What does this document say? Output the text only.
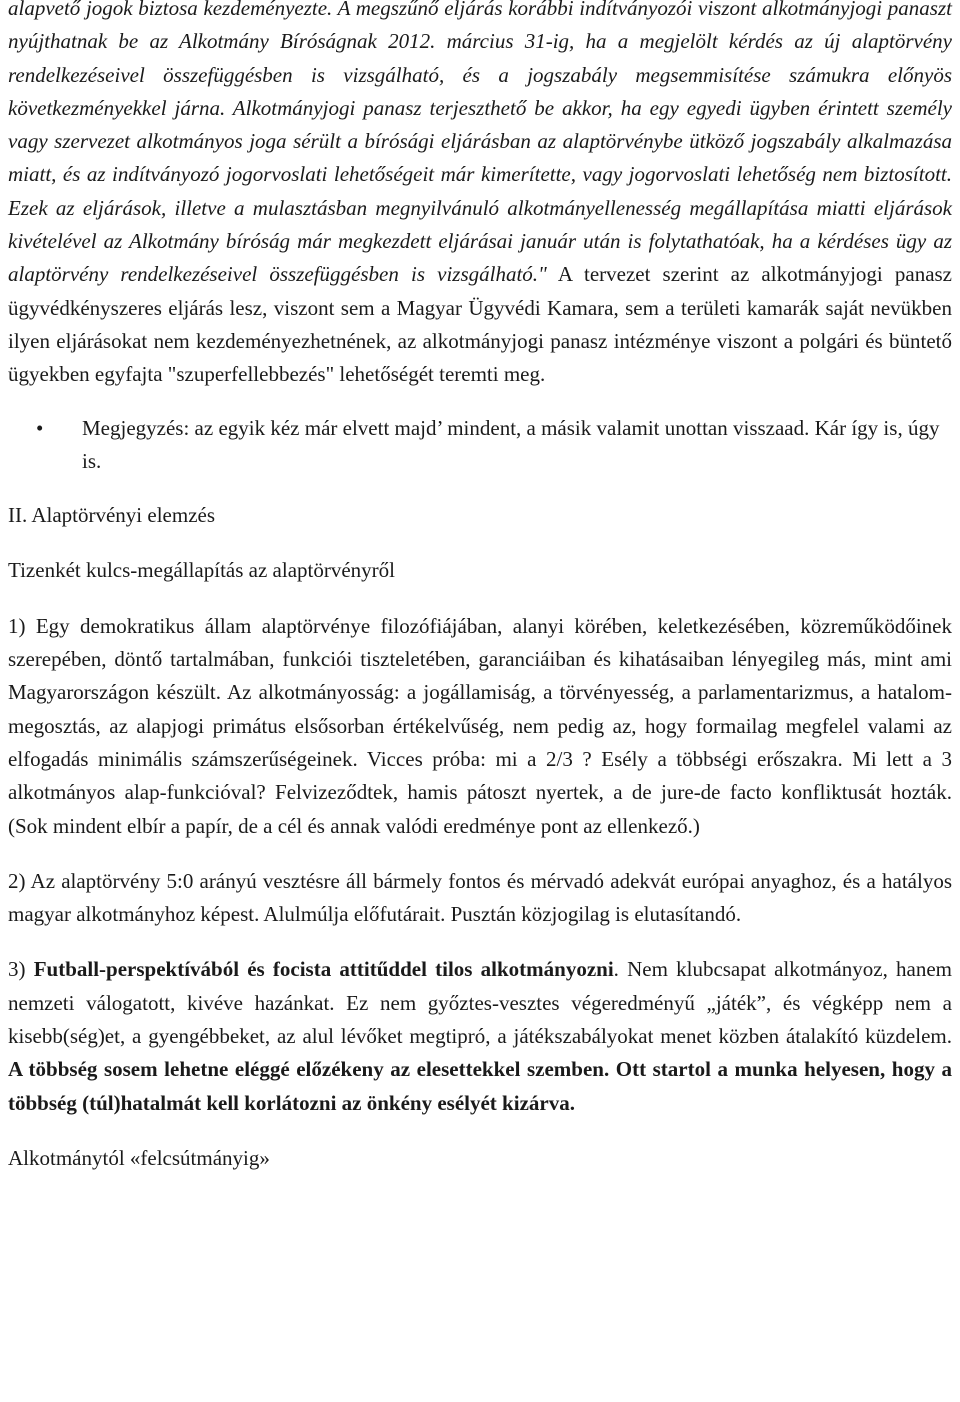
alapvető jogok biztosa kezdeményezte. A megszűnő eljárás korábbi indítványozói viszont alkotmányjogi panaszt nyújthatnak be az Alkotmány Bíróságnak 2012. március 31-ig, ha a megjelölt kérdés az új alaptörvény rendelkezéseivel összefüggésben is vizsgálható, és a jogszabály megsemmisítése számukra előnyös következményekkel járna. Alkotmányjogi panasz terjeszthető be akkor, ha egy egyedi ügyben érintett személy vagy szervezet alkotmányos joga sérült a bírósági eljárásban az alaptörvénybe ütköző jogszabály alkalmazása miatt, és az indítványozó jogorvoslati lehetőségeit már kimerítette, vagy jogorvoslati lehetőség nem biztosított. Ezek az eljárások, illetve a mulasztásban megnyilvánuló alkotmányellenesség megállapítása miatti eljárások kivételével az Alkotmány bíróság már megkezdett eljárásai január után is folytathatóak, ha a kérdéses ügy az alaptörvény rendelkezéseivel összefüggésben is vizsgálható." A tervezet szerint az alkotmányjogi panasz ügyvédkényszeres eljárás lesz, viszont sem a Magyar Ügyvédi Kamara, sem a területi kamarák saját nevükben ilyen eljárásokat nem kezdeményezhetnének, az alkotmányjogi panasz intézménye viszont a polgári és büntető ügyekben egyfajta "szuperfellebbezés" lehetőségét teremti meg.

• Megjegyzés: az egyik kéz már elvett majd’ mindent, a másik valamit unottan visszaad. Kár így is, úgy is.

II. Alaptörvényi elemzés

Tizenkét kulcs-megállapítás az alaptörvényről

1) Egy demokratikus állam alaptörvénye filozófiájában, alanyi körében, keletkezésében, közreműködőinek szerepében, döntő tartalmában, funkciói tiszteletében, garanciáiban és kihatásaiban lényegileg más, mint ami Magyarországon készült. Az alkotmányosság: a jogállamiság, a törvényesség, a parlamentarizmus, a hatalom-megosztás, az alapjogi primátus elsősorban értékelvűség, nem pedig az, hogy formailag megfelel valami az elfogadás minimális számszerűségeinek. Vicces próba: mi a 2/3 ? Esély a többségi erőszakra. Mi lett a 3 alkotmányos alap-funkcióval? Felvizeződtek, hamis pátoszt nyertek, a de jure-de facto konfliktusát hozták. (Sok mindent elbír a papír, de a cél és annak valódi eredménye pont az ellenkező.)

2) Az alaptörvény 5:0 arányú vesztésre áll bármely fontos és mérvadó adekvát európai anyaghoz, és a hatályos magyar alkotmányhoz képest. Alulmúlja előfutárait. Pusztán közjogilag is elutasítandó.

3) Futball-perspektívából és focista attitűddel tilos alkotmányozni. Nem klubcsapat alkotmányoz, hanem nemzeti válogatott, kivéve hazánkat. Ez nem győztes-vesztes végeredményű „játék”, és végképp nem a kisebb(ség)et, a gyengébbeket, az alul lévőket megtipró, a játékszabályokat menet közben átalakító küzdelem. A többség sosem lehetne eléggé előzékeny az elesettekkel szemben. Ott startol a munka helyesen, hogy a többség (túl)hatalmát kell korlátozni az önkény esélyét kizárva.

Alkotmánytól «felcsútmányig»
